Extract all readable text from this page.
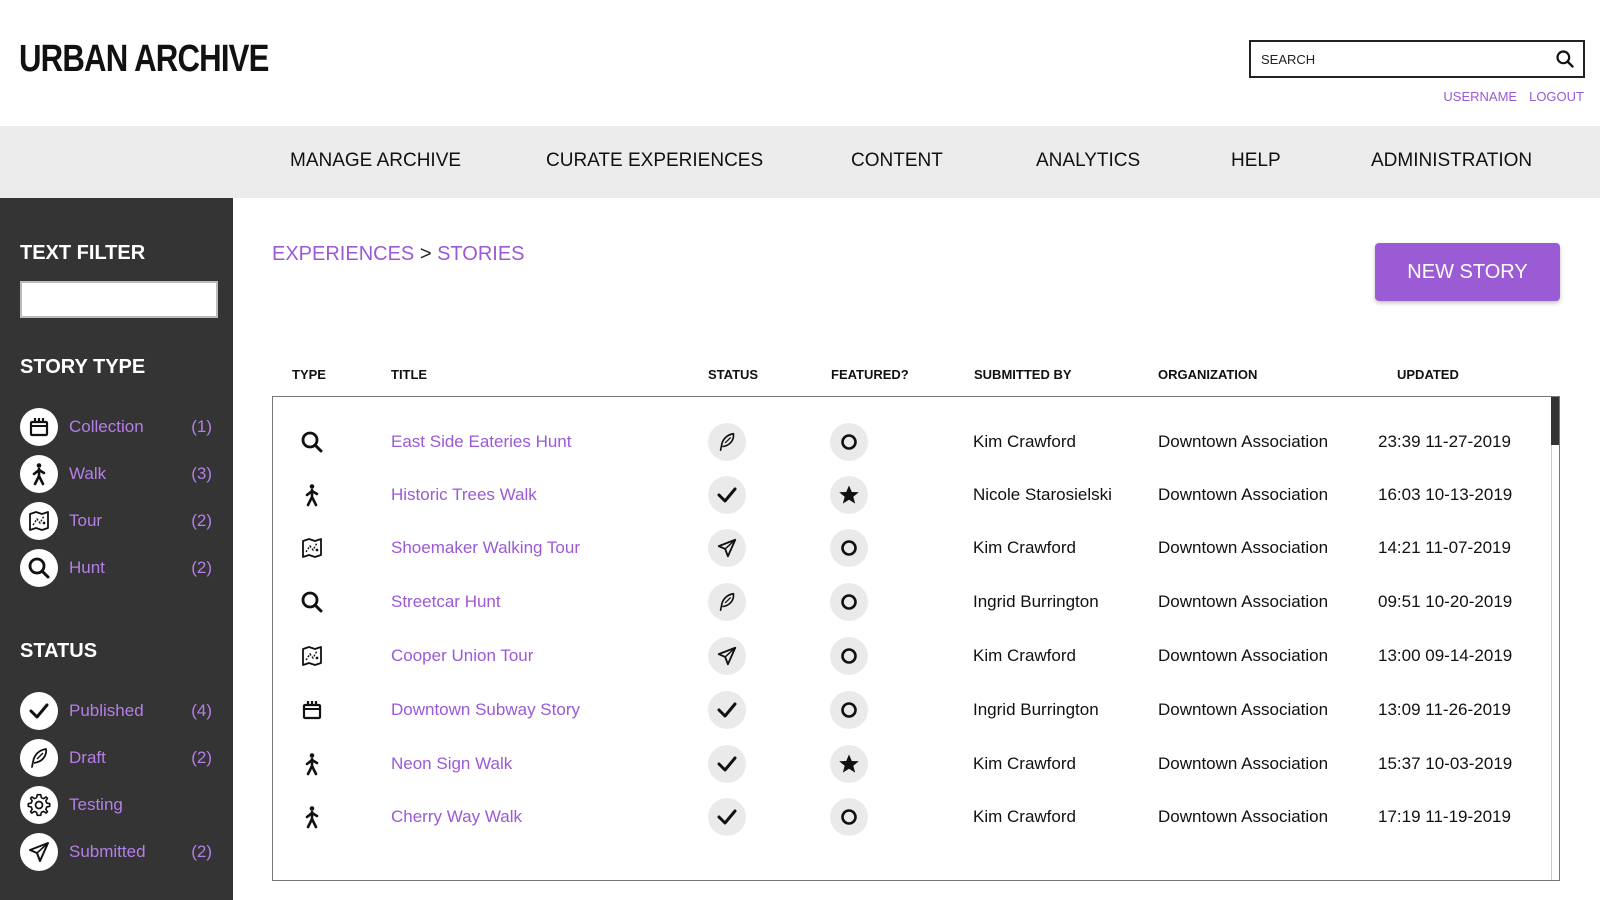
URBAN ARCHIVE
SEARCH
USERNAME LOGOUT
MANAGE ARCHIVE	CURATE EXPERIENCES	CONTENT	ANALYTICS	HELP	ADMINISTRATION
TEXT FILTER
STORY TYPE
Collection	(1)
Walk	(3)
Tour	(2)
Hunt	(2)
STATUS
Published	(4)
Draft	(2)
Testing
Submitted	(2)
EXPERIENCES > STORIES
NEW STORY
TYPE	TITLE	STATUS	FEATURED?	SUBMITTED BY	ORGANIZATION	UPDATED
East Side Eateries Hunt	Kim Crawford	Downtown Association	23:39 11-27-2019
Historic Trees Walk	Nicole Starosielski	Downtown Association	16:03 10-13-2019
Shoemaker Walking Tour	Kim Crawford	Downtown Association	14:21 11-07-2019
Streetcar Hunt	Ingrid Burrington	Downtown Association	09:51 10-20-2019
Cooper Union Tour	Kim Crawford	Downtown Association	13:00 09-14-2019
Downtown Subway Story	Ingrid Burrington	Downtown Association	13:09 11-26-2019
Neon Sign Walk	Kim Crawford	Downtown Association	15:37 10-03-2019
Cherry Way Walk	Kim Crawford	Downtown Association	17:19 11-19-2019
